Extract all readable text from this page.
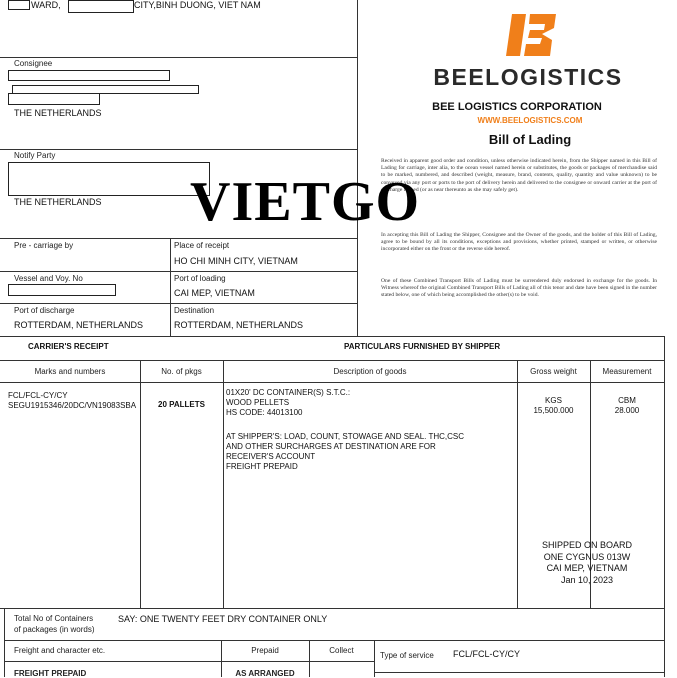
WARD,	CITY,BINH DUONG, VIET NAM
Consignee
THE NETHERLANDS
Notify Party
THE NETHERLANDS
Pre - carriage by	Place of receipt
HO CHI MINH CITY, VIETNAM
Vessel and Voy. No	Port of loading
CAI MEP, VIETNAM
Port of discharge
ROTTERDAM, NETHERLANDS
Destination
ROTTERDAM, NETHERLANDS
BEELOGISTICS
BEE LOGISTICS CORPORATION
WWW.BEELOGISTICS.COM
Bill of Lading
Received in apparent good order and condition, unless otherwise indicated herein, from the Shipper named in this Bill of Lading for carriage, inter alia, to the ocean vessel named herein or substitutes, the goods or packages of merchandise said to be marked, numbered, and described (weight, measure, brand, contents, quality, quantity and value unknown) to be conveyed via any port or ports to the port of delivery herein and delivered to the consignee or onward carrier at the port of discharge named (or as near thereunto as she may safely get).
In accepting this Bill of Lading the Shipper, Consignee and the Owner of the goods, and the holder of this Bill of Lading, agree to be bound by all its conditions, exceptions and provisions, whether printed, stamped or written, or otherwise incorporated either on the front or the reverse side hereof.
One of these Combined Transport Bills of Lading must be surrendered duly endorsed in exchange for the goods. In Witness whereof the original Combined Transport Bills of Lading all of this tenor and date have been signed in the number stated below, one of which being accomplished the other(s) to be void.
VIETGO
CARRIER'S RECEIPT	PARTICULARS FURNISHED BY SHIPPER
Marks and numbers	No. of pkgs	Description of goods	Gross weight	Measurement
FCL/FCL-CY/CY
SEGU1915346/20DC/VN19083SBA	20 PALLETS
01X20' DC CONTAINER(S) S.T.C.:
WOOD PELLETS
HS CODE: 44013100
AT SHIPPER'S: LOAD, COUNT, STOWAGE AND SEAL. THC,CSC
AND OTHER SURCHARGES AT DESTINATION ARE FOR
RECEIVER'S ACCOUNT
FREIGHT PREPAID
KGS
15,500.000
CBM
28.000
SHIPPED ON BOARD
ONE CYGNUS 013W
CAI MEP, VIETNAM
Jan 10, 2023
Total No of Containers
of packages (in words)
SAY: ONE TWENTY FEET DRY CONTAINER ONLY
Freight and character etc.	Prepaid	Collect
Type of service FCL/FCL-CY/CY
FREIGHT PREPAID	AS ARRANGED
